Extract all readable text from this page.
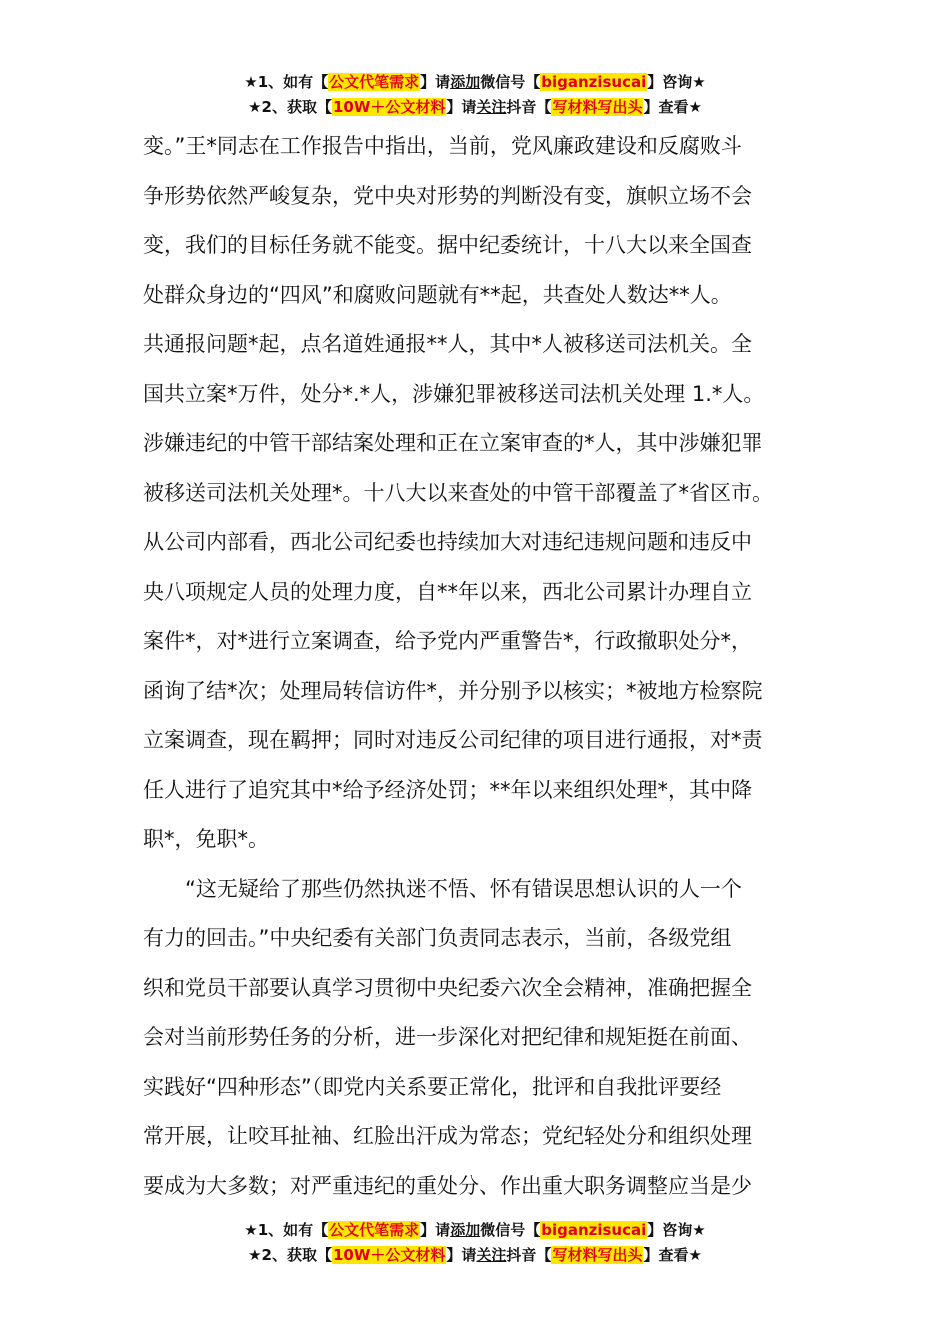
★1、如有【公文代笔需求】请添加微信号【biganzisucai】咨询★
★2、获取【10W＋公文材料】请关注抖音【写材料写出头】查看★
变。”王*同志在工作报告中指出，当前，党风廉政建设和反腐败斗
争形势依然严峻复杂，党中央对形势的判断没有变，旗帜立场不会
变，我们的目标任务就不能变。据中纪委统计，十八大以来全国查
处群众身边的“四风”和腐败问题就有**起，共查处人数达**人。
共通报问题*起，点名道姓通报**人，其中*人被移送司法机关。全
国共立案*万件，处分*.*人，涉嫌犯罪被移送司法机关处理 1.*人。
涉嫌违纪的中管干部结案处理和正在立案审查的*人，其中涉嫌犯罪
被移送司法机关处理*。十八大以来查处的中管干部覆盖了*省区市。
从公司内部看，西北公司纪委也持续加大对违纪违规问题和违反中
央八项规定人员的处理力度，自**年以来，西北公司累计办理自立
案件*，对*进行立案调查，给予党内严重警告*，行政撤职处分*，
函询了结*次；处理局转信访件*，并分别予以核实；*被地方检察院
立案调查，现在羁押；同时对违反公司纪律的项目进行通报，对*责
任人进行了追究其中*给予经济处罚；**年以来组织处理*，其中降
职*，免职*。
“这无疑给了那些仍然执迷不悟、怀有错误思想认识的人一个
有力的回击。”中央纪委有关部门负责同志表示，当前，各级党组
织和党员干部要认真学习贯彻中央纪委六次全会精神，准确把握全
会对当前形势任务的分析，进一步深化对把纪律和规矩挺在前面、
实践好“四种形态”（即党内关系要正常化，批评和自我批评要经
常开展，让咬耳扯袖、红脸出汗成为常态；党纪轻处分和组织处理
要成为大多数；对严重违纪的重处分、作出重大职务调整应当是少
★1、如有【公文代笔需求】请添加微信号【biganzisucai】咨询★
★2、获取【10W＋公文材料】请关注抖音【写材料写出头】查看★
